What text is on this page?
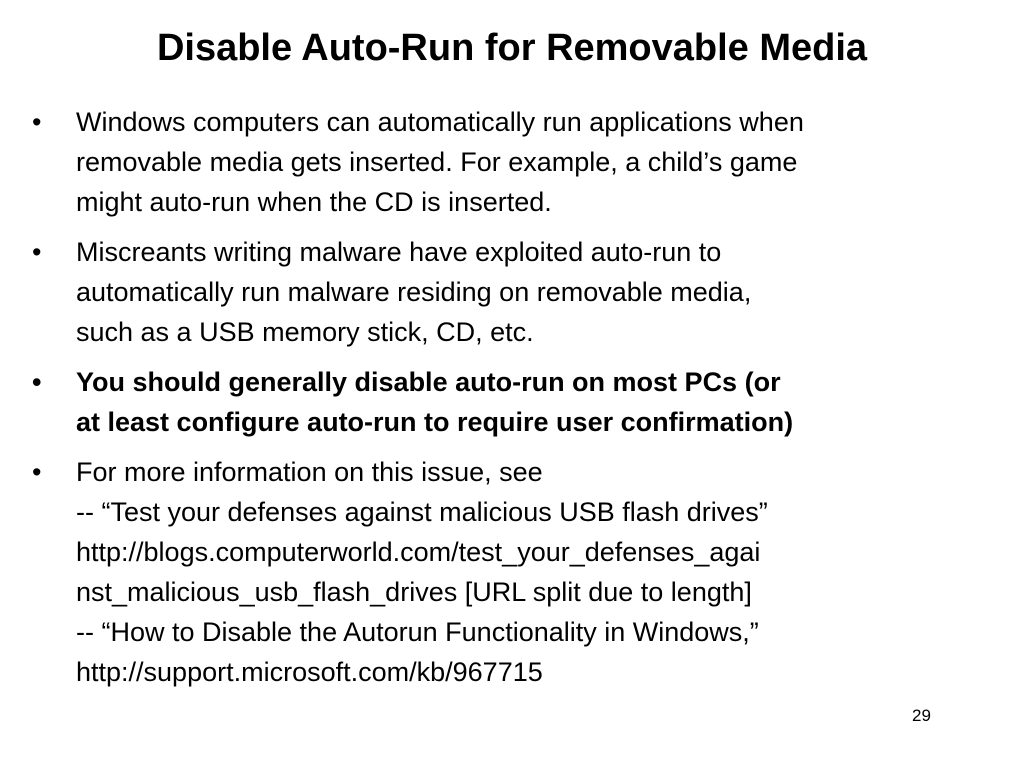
Disable Auto-Run for Removable Media
• Windows computers can automatically run applications when
removable media gets inserted. For example, a child’s game
might auto-run when the CD is inserted.
• Miscreants writing malware have exploited auto-run to
automatically run malware residing on removable media,
such as a USB memory stick, CD, etc.
• You should generally disable auto-run on most PCs (or
at least configure auto-run to require user confirmation)
• For more information on this issue, see
-- “Test your defenses against malicious USB flash drives”
http://blogs.computerworld.com/test_your_defenses_agai
nst_malicious_usb_flash_drives [URL split due to length]
-- “How to Disable the Autorun Functionality in Windows,”
http://support.microsoft.com/kb/967715
29
